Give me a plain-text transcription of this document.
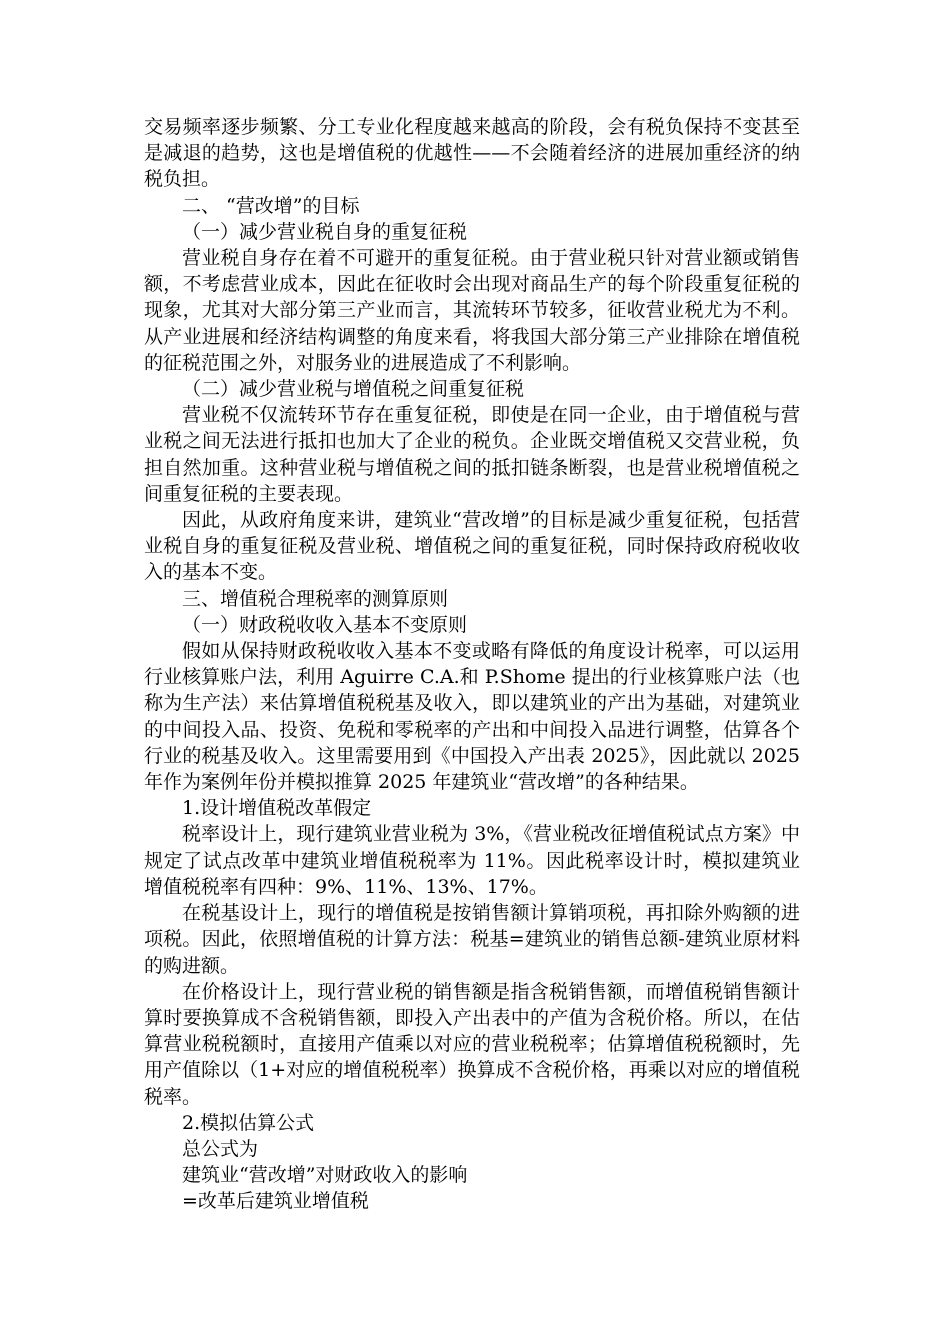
交易频率逐步频繁、分工专业化程度越来越高的阶段，会有税负保持不变甚至是减退的趋势，这也是增值税的优越性——不会随着经济的进展加重经济的纳税负担。

二、 “营改增”的目标

（一）减少营业税自身的重复征税

营业税自身存在着不可避开的重复征税。由于营业税只针对营业额或销售额，不考虑营业成本，因此在征收时会出现对商品生产的每个阶段重复征税的现象，尤其对大部分第三产业而言，其流转环节较多，征收营业税尤为不利。从产业进展和经济结构调整的角度来看，将我国大部分第三产业排除在增值税的征税范围之外，对服务业的进展造成了不利影响。

（二）减少营业税与增值税之间重复征税

营业税不仅流转环节存在重复征税，即使是在同一企业，由于增值税与营业税之间无法进行抵扣也加大了企业的税负。企业既交增值税又交营业税，负担自然加重。这种营业税与增值税之间的抵扣链条断裂，也是营业税增值税之间重复征税的主要表现。

因此，从政府角度来讲，建筑业“营改增”的目标是减少重复征税，包括营业税自身的重复征税及营业税、增值税之间的重复征税，同时保持政府税收收入的基本不变。

三、增值税合理税率的测算原则

（一）财政税收收入基本不变原则

假如从保持财政税收收入基本不变或略有降低的角度设计税率，可以运用行业核算账户法，利用 Aguirre C.A.和 P.Shome 提出的行业核算账户法（也称为生产法）来估算增值税税基及收入，即以建筑业的产出为基础，对建筑业的中间投入品、投资、免税和零税率的产出和中间投入品进行调整，估算各个行业的税基及收入。这里需要用到《中国投入产出表 2025》，因此就以 2025 年作为案例年份并模拟推算 2025 年建筑业“营改增”的各种结果。

1.设计增值税改革假定

税率设计上，现行建筑业营业税为 3%，《营业税改征增值税试点方案》中规定了试点改革中建筑业增值税税率为 11%。因此税率设计时，模拟建筑业增值税税率有四种：9%、11%、13%、17%。

在税基设计上，现行的增值税是按销售额计算销项税，再扣除外购额的进项税。因此，依照增值税的计算方法：税基=建筑业的销售总额-建筑业原材料的购进额。

在价格设计上，现行营业税的销售额是指含税销售额，而增值税销售额计算时要换算成不含税销售额，即投入产出表中的产值为含税价格。所以，在估算营业税税额时，直接用产值乘以对应的营业税税率；估算增值税税额时，先用产值除以（1+对应的增值税税率）换算成不含税价格，再乘以对应的增值税税率。

2.模拟估算公式

总公式为

建筑业“营改增”对财政收入的影响

=改革后建筑业增值税
